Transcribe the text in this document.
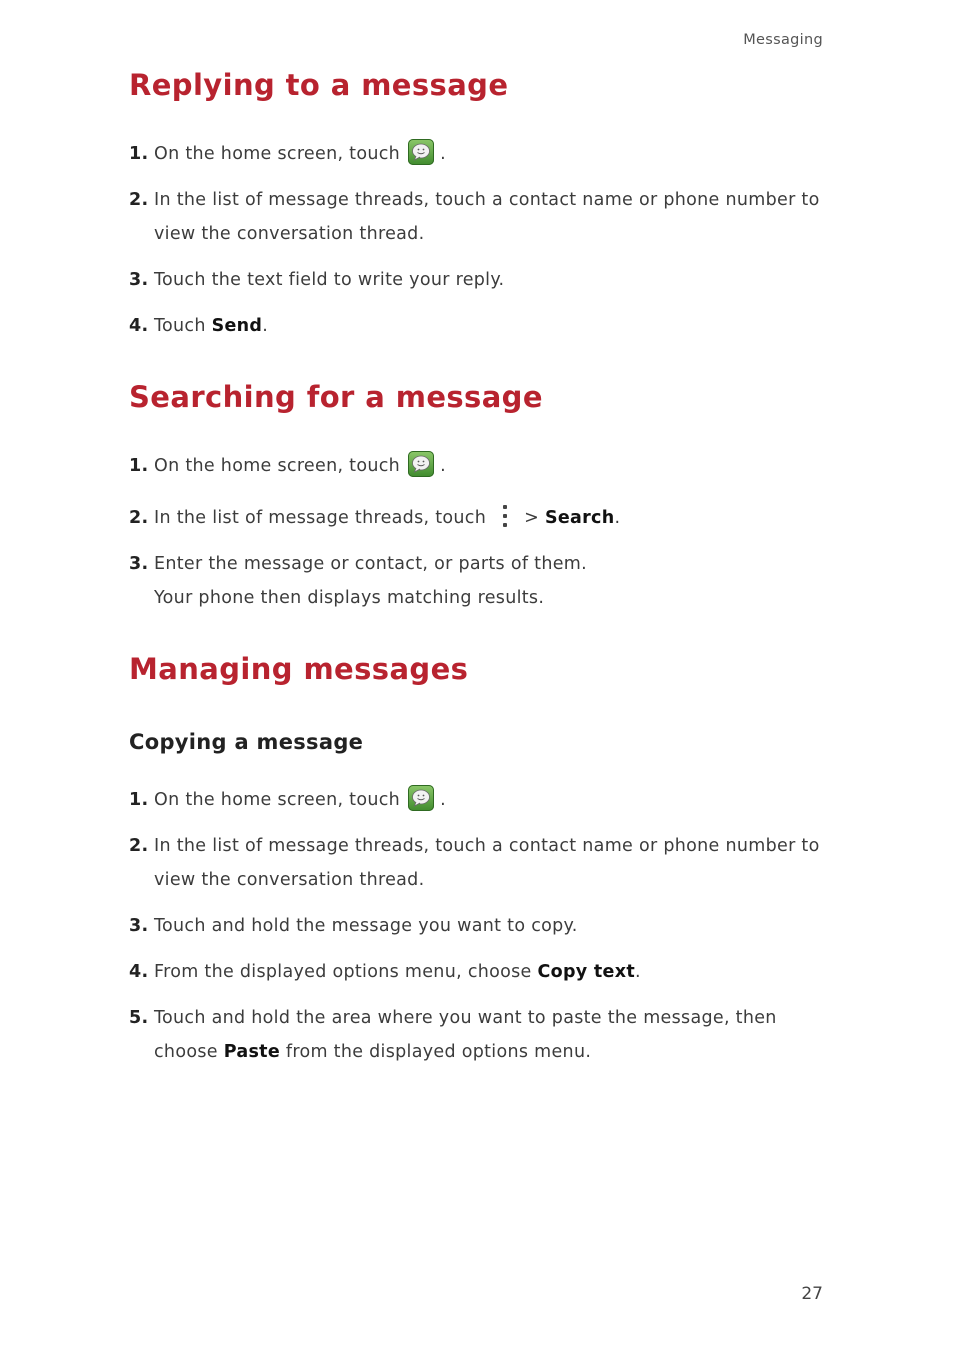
Messaging
Replying to a message
1. On the home screen, touch .
2. In the list of message threads, touch a contact name or phone number to view the conversation thread.
3. Touch the text field to write your reply.
4. Touch Send.
Searching for a message
1. On the home screen, touch .
2. In the list of message threads, touch > Search.
3. Enter the message or contact, or parts of them.
Your phone then displays matching results.
Managing messages
Copying a message
1. On the home screen, touch .
2. In the list of message threads, touch a contact name or phone number to view the conversation thread.
3. Touch and hold the message you want to copy.
4. From the displayed options menu, choose Copy text.
5. Touch and hold the area where you want to paste the message, then choose Paste from the displayed options menu.
27
